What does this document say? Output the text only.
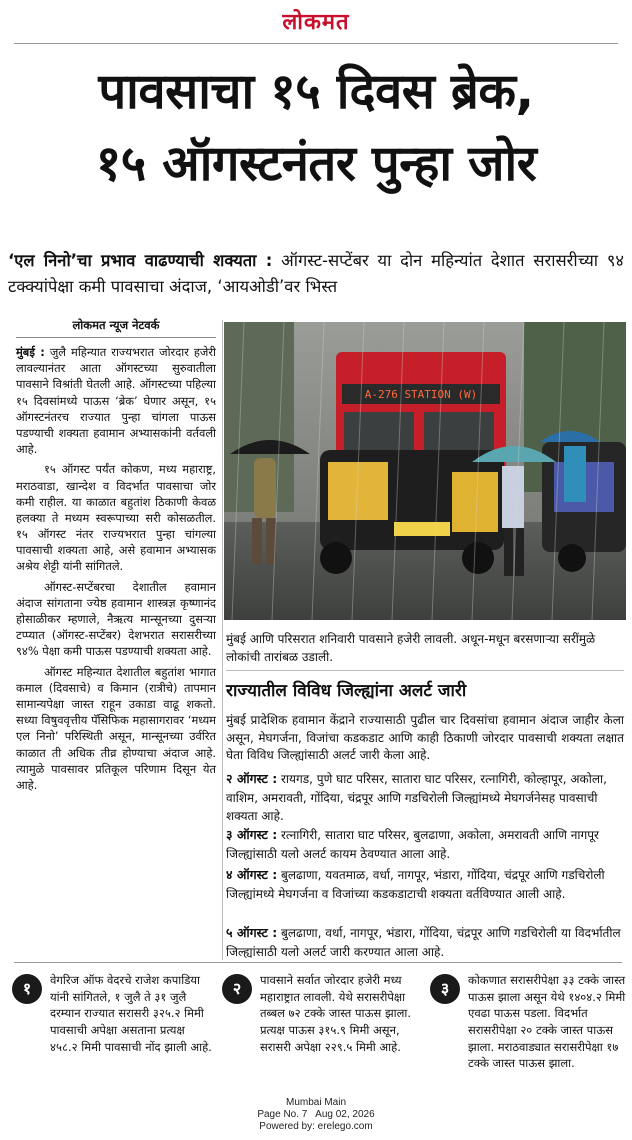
लोकमत
पावसाचा १५ दिवस ब्रेक,
१५ ऑगस्टनंतर पुन्हा जोर

‘एल निनो’चा प्रभाव वाढण्याची शक्यता : ऑगस्ट-सप्टेंबर या दोन महिन्यांत देशात सरासरीच्या ९४ टक्क्यांपेक्षा कमी पावसाचा अंदाज, ‘आयओडी’वर भिस्त

लोकमत न्यूज नेटवर्क

मुंबई : जुलै महिन्यात राज्यभरात जोरदार हजेरी लावल्यानंतर आता ऑगस्टच्या सुरुवातीला पावसाने विश्रांती घेतली आहे. ऑगस्टच्या पहिल्या १५ दिवसांमध्ये पाऊस ‘ब्रेक’ घेणार असून, १५ ऑगस्टनंतरच राज्यात पुन्हा चांगला पाऊस पडण्याची शक्यता हवामान अभ्यासकांनी वर्तवली आहे.

१५ ऑगस्ट पर्यंत कोकण, मध्य महाराष्ट्र, मराठवाडा, खान्देश व विदर्भात पावसाचा जोर कमी राहील. या काळात बहुतांश ठिकाणी केवळ हलक्या ते मध्यम स्वरूपाच्या सरी कोसळतील. १५ ऑगस्ट नंतर राज्यभरात पुन्हा चांगल्या पावसाची शक्यता आहे, असे हवामान अभ्यासक अश्रेय शेट्टी यांनी सांगितले.

ऑगस्ट-सप्टेंबरचा देशातील हवामान अंदाज सांगताना ज्येष्ठ हवामान शास्त्रज्ञ कृष्णानंद होसाळीकर म्हणाले, नैऋत्य मान्सूनच्या दुसऱ्या टप्प्यात (ऑगस्ट-सप्टेंबर) देशभरात सरासरीच्या ९४% पेक्षा कमी पाऊस पडण्याची शक्यता आहे.

ऑगस्ट महिन्यात देशातील बहुतांश भागात कमाल (दिवसाचे) व किमान (रात्रीचे) तापमान सामान्यपेक्षा जास्त राहून उकाडा वाढू शकतो. सध्या विषुववृत्तीय पॅसिफिक महासागरावर ‘मध्यम एल निनो’ परिस्थिती असून, मान्सूनच्या उर्वरित काळात ती अधिक तीव्र होण्याचा अंदाज आहे. त्यामुळे पावसावर प्रतिकूल परिणाम दिसून येत आहे.

A-276 STATION (W)

मुंबई आणि परिसरात शनिवारी पावसाने हजेरी लावली. अधून-मधून बरसणाऱ्या सरींमुळे लोकांची तारांबळ उडाली.

राज्यातील विविध जिल्ह्यांना अलर्ट जारी

मुंबई प्रादेशिक हवामान केंद्राने राज्यासाठी पुढील चार दिवसांचा हवामान अंदाज जाहीर केला असून, मेघगर्जना, विजांचा कडकडाट आणि काही ठिकाणी जोरदार पावसाची शक्यता लक्षात घेता विविध जिल्ह्यांसाठी अलर्ट जारी केला आहे.

२ ऑगस्ट : रायगड, पुणे घाट परिसर, सातारा घाट परिसर, रत्नागिरी, कोल्हापूर, अकोला, वाशिम, अमरावती, गोंदिया, चंद्रपूर आणि गडचिरोली जिल्ह्यांमध्ये मेघगर्जनेसह पावसाची शक्यता आहे.

३ ऑगस्ट : रत्नागिरी, सातारा घाट परिसर, बुलढाणा, अकोला, अमरावती आणि नागपूर जिल्ह्यांसाठी यलो अलर्ट कायम ठेवण्यात आला आहे.

४ ऑगस्ट : बुलढाणा, यवतमाळ, वर्धा, नागपूर, भंडारा, गोंदिया, चंद्रपूर आणि गडचिरोली जिल्ह्यांमध्ये मेघगर्जना व विजांच्या कडकडाटाची शक्यता वर्तविण्यात आली आहे.

५ ऑगस्ट : बुलढाणा, वर्धा, नागपूर, भंडारा, गोंदिया, चंद्रपूर आणि गडचिरोली या विदर्भातील जिल्ह्यांसाठी यलो अलर्ट जारी करण्यात आला आहे.

१	वेगरिज ऑफ वेदरचे राजेश कपाडिया यांनी सांगितले, १ जुलै ते ३१ जुलै दरम्यान राज्यात सरासरी ३२५.२ मिमी पावसाची अपेक्षा असताना प्रत्यक्ष ४५८.२ मिमी पावसाची नोंद झाली आहे.
२	पावसाने सर्वात जोरदार हजेरी मध्य महाराष्ट्रात लावली. येथे सरासरीपेक्षा तब्बल ७२ टक्के जास्त पाऊस झाला. प्रत्यक्ष पाऊस ३१५.९ मिमी असून, सरासरी अपेक्षा २२९.५ मिमी आहे.
३	कोकणात सरासरीपेक्षा ३३ टक्के जास्त पाऊस झाला असून येथे १४०४.२ मिमी एवढा पाऊस पडला. विदर्भात सरासरीपेक्षा २० टक्के जास्त पाऊस झाला. मराठवाड्यात सरासरीपेक्षा १७ टक्के जास्त पाऊस झाला.
Mumbai Main
Page No. 7   Aug 02, 2026
Powered by: erelego.com
